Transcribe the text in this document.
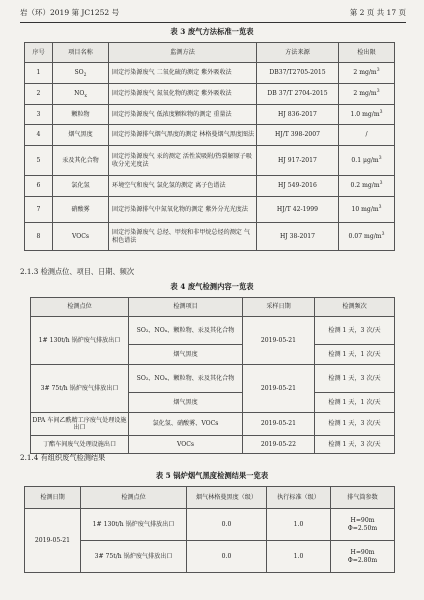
岩（环）2019 第 JC1252 号	第 2 页 共 17 页
表 3 废气方法标准一览表
序号	项目名称	监测方法	方法来源	检出限
1	$SO_2$	固定污染源废气 二氧化硫的测定 紫外吸收法	DB37/T2705-2015	2 $mg/m^3$
2	$NO_x$	固定污染源废气 氮氧化物的测定 紫外吸收法	DB 37/T 2704-2015	2 $mg/m^3$
3	颗粒物	固定污染源废气 低浓度颗粒物的测定 重量法	HJ 836-2017	1.0 $mg/m^3$
4	烟气黑度	固定污染源排气烟气黑度的测定 林格曼烟气黑度图法	HJ/T 398-2007	/
5	汞及其化合物	固定污染源废气 汞的测定 活性炭吸附/热裂解原子吸收分光光度法	HJ 917-2017	0.1 $\mu g/m^3$
6	氯化氢	环境空气和废气 氯化氢的测定 离子色谱法	HJ 549-2016	0.2 $mg/m^3$
7	硝酸雾	固定污染源排气中氮氧化物的测定 紫外分光光度法	HJ/T 42-1999	10 $mg/m^3$
8	VOCs	固定污染源废气 总烃、甲烷和非甲烷总烃的测定 气相色谱法	HJ 38-2017	0.07 $mg/m^3$
2.1.3 检测点位、项目、日期、频次
表 4 废气检测内容一览表
检测点位	检测项目	采样日期	检测频次
1# 130t/h 锅炉废气排放出口	SO₂、NOₓ、颗粒物、汞及其化合物	2019-05-21	检测 1 天，3 次/天
	烟气黑度		检测 1 天，1 次/天
3# 75t/h 锅炉废气排放出口	SO₂、NOₓ、颗粒物、汞及其化合物	2019-05-21	检测 1 天，3 次/天
	烟气黑度		检测 1 天，1 次/天
DPA 车间乙酰精工序废气处理设施出口	氯化氢、硝酸雾、VOCs	2019-05-21	检测 1 天，3 次/天
丁酯车间废气处理设施出口	VOCs	2019-05-22	检测 1 天，3 次/天
2.1.4 有组织废气检测结果
表 5 锅炉烟气黑度检测结果一览表
检测日期	检测点位	烟气林格曼黑度（级）	执行标准（级）	排气筒参数
2019-05-21	1# 130t/h 锅炉废气排放出口	0.0	1.0	H=90m
Φ=2.50m

	3# 75t/h 锅炉废气排放出口	0.0	1.0	H=90m
Φ=2.80m
